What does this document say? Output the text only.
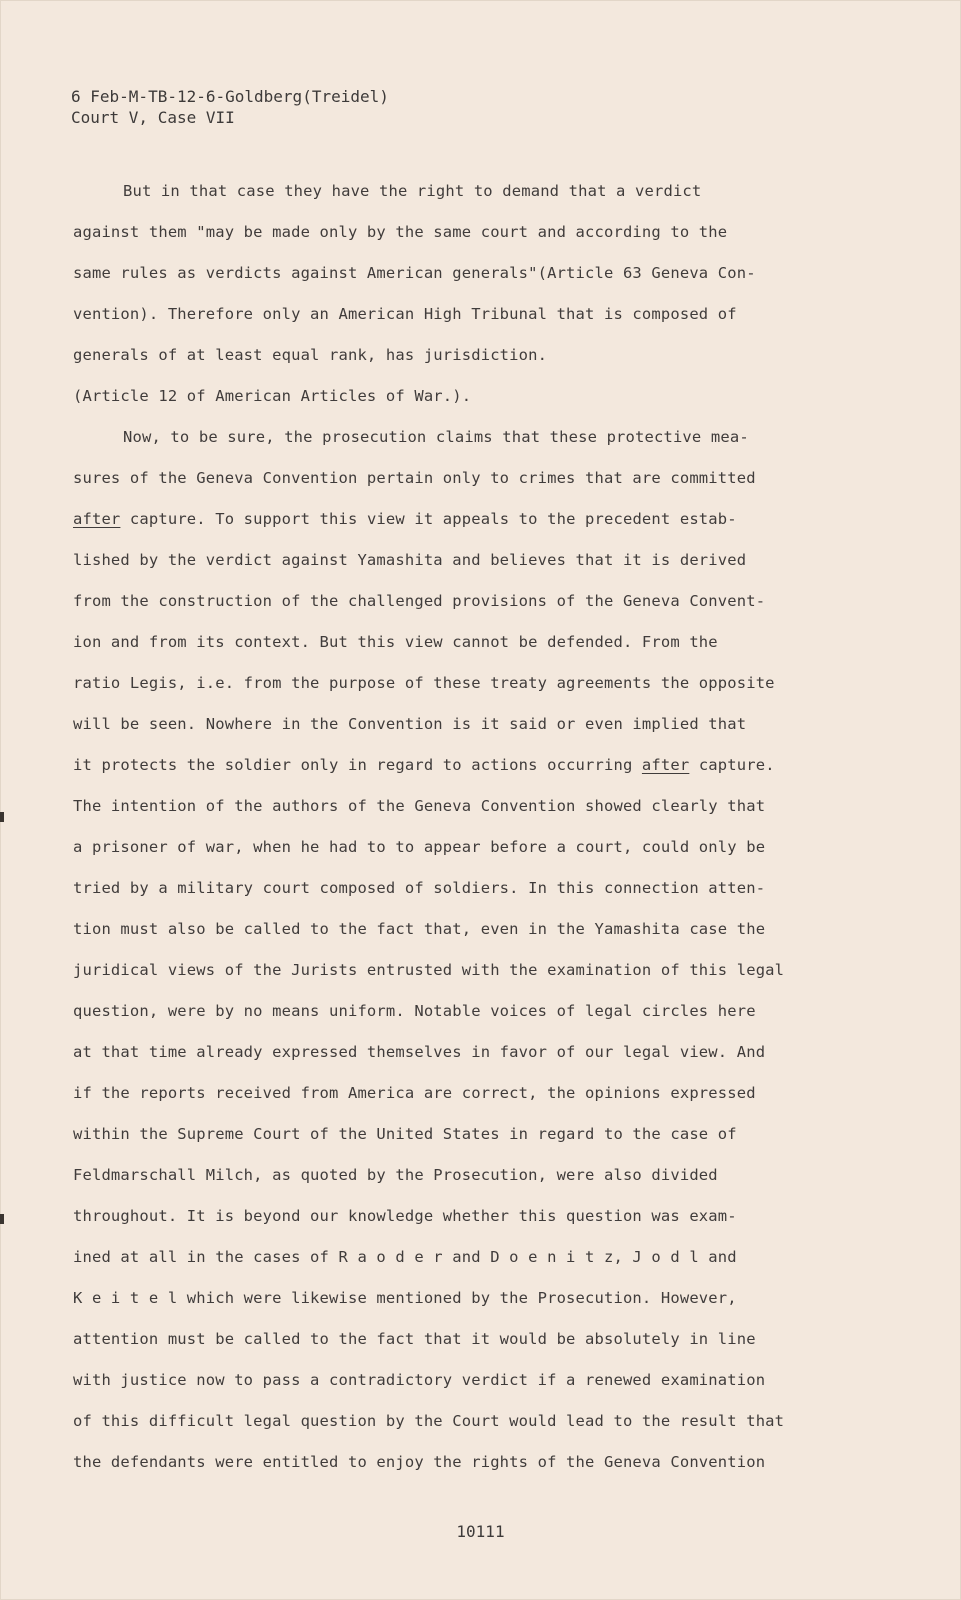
6 Feb-M-TB-12-6-Goldberg(Treidel)
Court V, Case VII
But in that case they have the right to demand that a verdict
against them "may be made only by the same court and according to the
same rules as verdicts against American generals"(Article 63 Geneva Con-
vention). Therefore only an American High Tribunal that is composed of
generals of at least equal rank, has jurisdiction.
(Article 12 of American Articles of War.).
Now, to be sure, the prosecution claims that these protective mea-
sures of the Geneva Convention pertain only to crimes that are committed
after capture. To support this view it appeals to the precedent estab-
lished by the verdict against Yamashita and believes that it is derived
from the construction of the challenged provisions of the Geneva Convent-
ion and from its context. But this view cannot be defended. From the
ratio Legis, i.e. from the purpose of these treaty agreements the opposite
will be seen. Nowhere in the Convention is it said or even implied that
it protects the soldier only in regard to actions occurring after capture.
The intention of the authors of the Geneva Convention showed clearly that
a prisoner of war, when he had to to appear before a court, could only be
tried by a military court composed of soldiers. In this connection atten-
tion must also be called to the fact that, even in the Yamashita case the
juridical views of the Jurists entrusted with the examination of this legal
question, were by no means uniform. Notable voices of legal circles here
at that time already expressed themselves in favor of our legal view. And
if the reports received from America are correct, the opinions expressed
within the Supreme Court of the United States in regard to the case of
Feldmarschall Milch, as quoted by the Prosecution, were also divided
throughout. It is beyond our knowledge whether this question was exam-
ined at all in the cases of R a o d e r and D o e n i t z, J o d l and
K e i t e l which were likewise mentioned by the Prosecution. However,
attention must be called to the fact that it would be absolutely in line
with justice now to pass a contradictory verdict if a renewed examination
of this difficult legal question by the Court would lead to the result that
the defendants were entitled to enjoy the rights of the Geneva Convention
10111
